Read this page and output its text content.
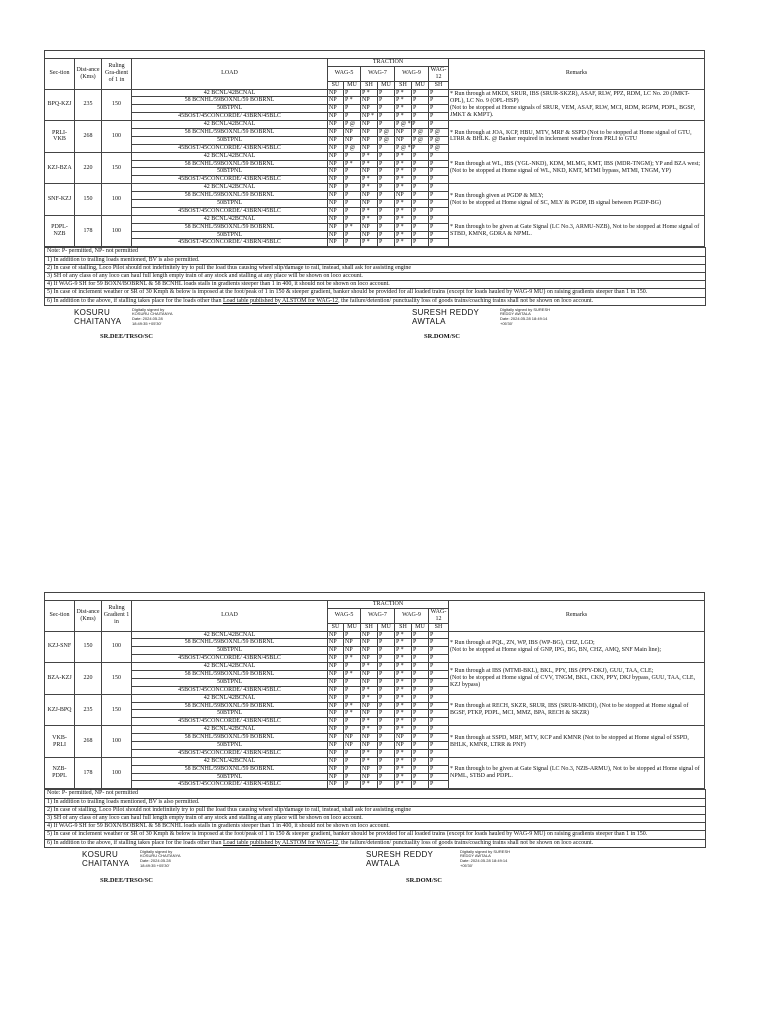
Sec-tion	Dist-ance (Kms)	Ruling Gra-dient of 1 in	LOAD	TRACTION							Remarks
				WAG-5		WAG-7		WAG-9		WAG-12	
				SU	MU	SH	MU	SH	MU	SH	
BPQ-KZJ	235	150	42 BCNL/42BCNAL	NP	P	P *	P	P *	P	P	* Run through at MKDI, SRUR, IBS (SRUR-SKZR), ASAF, RLW, PPZ, RDM, LC No. 20 (JMKT-OPL), LC No. 9 (OPL-HSP)
(Not to be stopped at Home signals of SRUR, VEM, ASAF, RLW, MCI, RDM, RGPM, PDPL, BGSF, JMKT & KMPT).
			58 BCNHL/59BOXNL/59 BOBRNL	NP	P *	NP	P	P *	P	P	
			50BTPNL	NP	P	NP	P	P *	P	P	
			45BOST/45CONCORDE/ 43BRN/45BLC	NP	P	NP *	P	P *	P	P	
PRLI-VKB	268	100	42 BCNL/42BCNAL	NP	P @	NP	P	P @ * P		P	* Run through at JOA, KCP, HBU, MTV, MRF & SSPD (Not to be stopped at Home signal of GTU, LTRR & BHLK. @ Banker required in inclement weather from PRLI to GTU
			58 BCNHL/59BOXNL/59 BOBRNL	NP	NP	NP	P @	NP	P @	P @	
			50BTPNL	NP	NP	NP	P @	NP	P @	P @	
			45BOST/45CONCORDE/ 43BRN/45BLC	NP	P @	NP	P	P @ * P		P @	
KZJ-BZA	220	150	42 BCNL/42BCNAL	NP	P	P *	P	P *	P	P	* Run through at WL, IBS (YGL-NKD), KDM, MLMG, KMT, IBS (MDR-TNGM); YP and BZA west;
(Not to be stopped at Home signal of WL, NKD, KMT, MTMI bypass, MTMI, TNGM, YP)
			58 BCNHL/59BOXNL/59 BOBRNL	NP	P *	P *	P	P *	P	P	
			50BTPNL	NP	P	NP	P	P *	P	P	
			45BOST/45CONCORDE/ 43BRN/45BLC	NP	P	P *	P	P *	P	P	
SNF-KZJ	150	100	42 BCNL/42BCNAL	NP	P	P *	P	P *	P	P	* Run through given at PGDP & MLY;
(Not to be stopped at Home signal of SC, MLY & PGDP, IB signal between PGDP-BG)
			58 BCNHL/59BOXNL/59 BOBRNL	NP	P	NP	P	NP	P	P	
			50BTPNL	NP	P	NP	P	P *	P	P	
			45BOST/45CONCORDE/ 43BRN/45BLC	NP	P	P *	P	P *	P	P	
PDPL-NZB	178	100	42 BCNL/42BCNAL	NP	P	P *	P	P *	P	P	* Run through to be given at Gate Signal (LC No.3, ARMU-NZB), Not to be stopped at Home signal of STBD, KMNR, GDRA & NPML.
			58 BCNHL/59BOXNL/59 BOBRNL	NP	P *	NP	P	P *	P	P	
			50BTPNL	NP	P	NP	P	P *	P	P	
			45BOST/45CONCORDE/ 43BRN/45BLC	NP	P	P *	P	P *	P	P	
Note: P- permitted, NP- not permitted
1) In addition to trailing loads mentioned, BV is also permitted.
2) In case of stalling, Loco Pilot should not indefinitely try to pull the load thus causing wheel slip/damage to rail, instead, shall ask for assisting engine
3) SH of any class of any loco can haul full length empty train of any stock and stalling at any place will be shown on loco account.
4) If WAG-9 SH for 59 BOXN/BOBRNL & 58 BCNHL loads stalls in gradients steeper than 1 in 400, it should not be shown on loco account.
5) In case of inclement weather or SR of 30 Kmph & below is imposed at the foot/peak of 1 in 150 & steeper gradient, banker should be provided for all loaded trains (except for loads hauled by WAG-9 MU) on raising gradients steeper than 1 in 150.
6) In addition to the above, if stalling takes place for the loads other than Load table published by ALSTOM for WAG-12, the failure/detention/ punctuality loss of goods trains/coaching trains shall not be shown on loco account.
KOSURU
CHAITANYA
Digitally signed by
KOSURU CHAITANYA
Date: 2024.05.28
18:49:35 +05'30'
SR.DEE/TRSO/SC
SURESH REDDY
AWTALA
Digitally signed by SURESH
REDDY AWTALA
Date: 2024.05.28 18:49:14
+05'30'
SR.DOM/SC

Sec-tion	Dist-ance (Kms)	Ruling Gradient 1 in	LOAD	TRACTION							Remarks
				WAG-5		WAG-7		WAG-9		WAG-12	
				SU	MU	SH	MU	SH	MU	SH	
KZJ-SNF	150	100	42 BCNL/42BCNAL	NP	P	NP	P	P *	P	P	* Run through at PQL, ZN, WP, IBS (WP-BG), CHZ, LGD;
(Not to be stopped at Home signal of GNP, IPG, BG, BN, CHZ, AMQ, SNF Main line);
			58 BCNHL/59BOXNL/59 BOBRNL	NP	NP	NP	P	P *	P	P	
			50BTPNL	NP	NP	NP	P	P *	P	P	
			45BOST/45CONCORDE/ 43BRN/45BLC	NP	P *	NP	P	P *	P	P	
BZA-KZJ	220	150	42 BCNL/42BCNAL	NP	P	P *	P	P *	P	P	* Run through at IBS (MTMI-BKL), BKL, PPY, IBS (PPY-DKJ), GUU, TAA, CLE;
(Not to be stopped at Home signal of CVV, TNGM, BKL, CKN, PPY, DKJ bypass, GUU, TAA, CLE, KZJ bypass)
			58 BCNHL/59BOXNL/59 BOBRNL	NP	P *	NP	P	P *	P	P	
			50BTPNL	NP	P	NP	P	P *	P	P	
			45BOST/45CONCORDE/ 43BRN/45BLC	NP	P	P *	P	P *	P	P	
KZJ-BPQ	235	150	42 BCNL/42BCNAL	NP	P	P *	P	P *	P	P	* Run through at RECH, SKZR, SRUR, IBS (SRUR-MKDI), (Not to be stopped at Home signal of BGSF, PTKP, PDPL, MCI, MMZ, BPA, RECH & SKZR)
			58 BCNHL/59BOXNL/59 BOBRNL	NP	P *	NP	P	P *	P	P	
			50BTPNL	NP	P *	NP	P	P *	P	P	
			45BOST/45CONCORDE/ 43BRN/45BLC	NP	P	P *	P	P *	P	P	
VKB-PRLI	268	100	42 BCNL/42BCNAL	NP	P	P *	P	P *	P	P	* Run through at SSPD, MRF, MTV, KCP and KMNR (Not to be stopped at Home signal of SSPD, BHLK, KMNR, LTRR & PNF)
			58 BCNHL/59BOXNL/59 BOBRNL	NP	NP	NP	P	NP	P	P	
			50BTPNL	NP	NP	NP	P	NP	P	P	
			45BOST/45CONCORDE/ 43BRN/45BLC	NP	P	P *	P	P *	P	P	
NZB-PDPL	178	100	42 BCNL/42BCNAL	NP	P	P *	P	P *	P	P	* Run through to be given at Gate Signal (LC No.3, NZB-ARMU), Not to be stopped at Home signal of NPML, STBD and PDPL.
			58 BCNHL/59BOXNL/59 BOBRNL	NP	P	NP	P	P *	P	P	
			50BTPNL	NP	P	NP	P	P *	P	P	
			45BOST/45CONCORDE/ 43BRN/45BLC	NP	P	P *	P	P *	P	P	
Note: P- permitted, NP- not permitted
1) In addition to trailing loads mentioned, BV is also permitted.
2) In case of stalling, Loco Pilot should not indefinitely try to pull the load thus causing wheel slip/damage to rail, instead, shall ask for assisting engine
3) SH of any class of any loco can haul full length empty train of any stock and stalling at any place will be shown on loco account.
4) If WAG-9 SH for 59 BOXN/BOBRNL & 58 BCNHL loads stalls in gradients steeper than 1 in 400, it should not be shown on loco account.
5) In case of inclement weather or SR of 30 Kmph & below is imposed at the foot/peak of 1 in 150 & steeper gradient, banker should be provided for all loaded trains (except for loads hauled by WAG-9 MU) on raising gradients steeper than 1 in 150.
6) In addition to the above, if stalling takes place for the loads other than Load table published by ALSTOM for WAG-12, the failure/detention/ punctuality loss of goods trains/coaching trains shall not be shown on loco account.
KOSURU
CHAITANYA
Digitally signed by
KOSURU CHAITANYA
Date: 2024.05.28
18:49:35 +05'30'
SR.DEE/TRSO/SC
SURESH REDDY
AWTALA
Digitally signed by SURESH
REDDY AWTALA
Date: 2024.05.28 18:49:14
+05'30'
SR.DOM/SC
